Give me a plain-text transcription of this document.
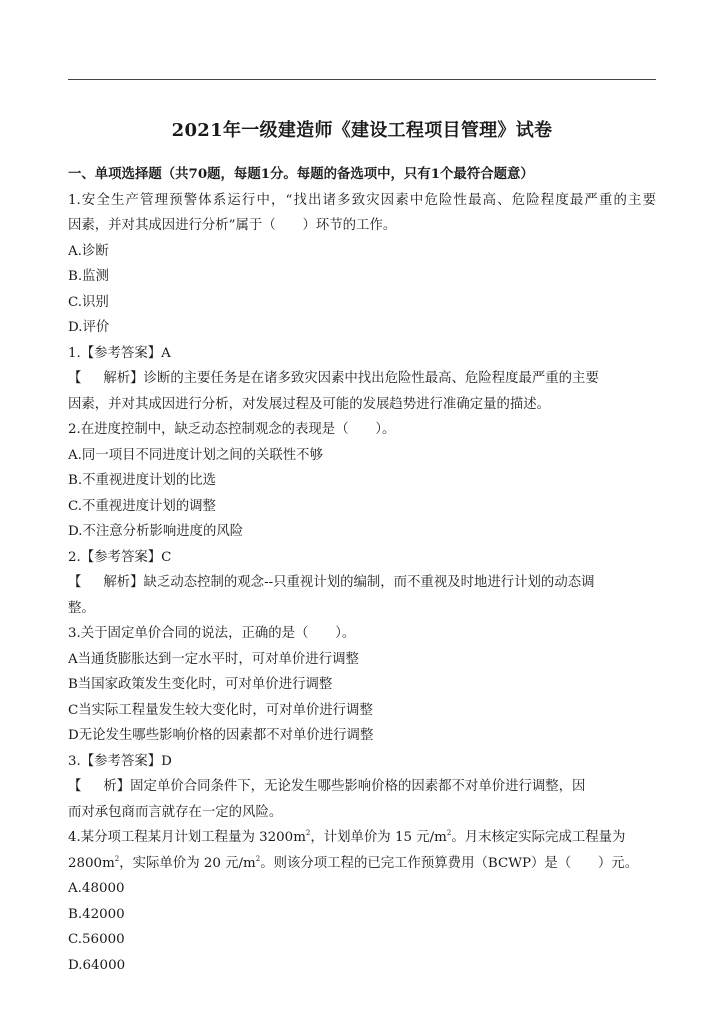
2021年一级建造师《建设工程项目管理》试卷
一、单项选择题（共70题，每题1分。每题的备选项中，只有1个最符合题意）
1.安全生产管理预警体系运行中，“找出诸多致灾因素中危险性最高、危险程度最严重的主要
因素，并对其成因进行分析”属于（　　）环节的工作。
A.诊断
B.监测
C.识别
D.评价
1.【参考答案】A
【 解析】诊断的主要任务是在诸多致灾因素中找出危险性最高、危险程度最严重的主要
因素，并对其成因进行分析，对发展过程及可能的发展趋势进行准确定量的描述。
2.在进度控制中，缺乏动态控制观念的表现是（　　）。
A.同一项目不同进度计划之间的关联性不够
B.不重视进度计划的比选
C.不重视进度计划的调整
D.不注意分析影响进度的风险
2.【参考答案】C
【 解析】缺乏动态控制的观念--只重视计划的编制，而不重视及时地进行计划的动态调
整。
3.关于固定单价合同的说法，正确的是（　　）。
A当通货膨胀达到一定水平时，可对单价进行调整
B当国家政策发生变化时，可对单价进行调整
C当实际工程量发生较大变化时，可对单价进行调整
D无论发生哪些影响价格的因素都不对单价进行调整
3.【参考答案】D
【 析】固定单价合同条件下，无论发生哪些影响价格的因素都不对单价进行调整，因
而对承包商而言就存在一定的风险。
4.某分项工程某月计划工程量为 $3200m^2$，计划单价为 15 元$/m^2$。月末核定实际完成工程量为
$2800m^2$，实际单价为 20 元$/m^2$。则该分项工程的已完工作预算费用（BCWP）是（　　）元。
A.48000
B.42000
C.56000
D.64000
